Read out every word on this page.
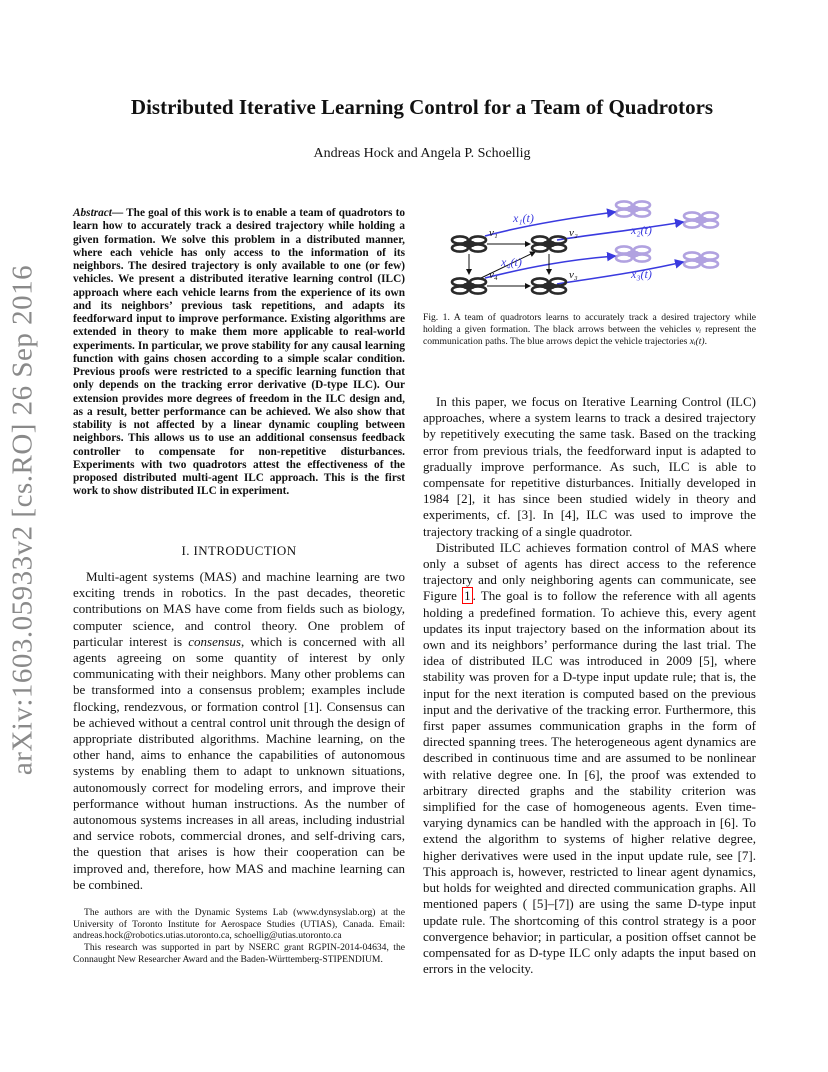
arXiv:1603.05933v2 [cs.RO] 26 Sep 2016
Distributed Iterative Learning Control for a Team of Quadrotors
Andreas Hock and Angela P. Schoellig
Abstract— The goal of this work is to enable a team of quadrotors to learn how to accurately track a desired trajectory while holding a given formation. We solve this problem in a distributed manner, where each vehicle has only access to the information of its neighbors. The desired trajectory is only available to one (or few) vehicles. We present a distributed iterative learning control (ILC) approach where each vehicle learns from the experience of its own and its neighbors’ previous task repetitions, and adapts its feedforward input to improve performance. Existing algorithms are extended in theory to make them more applicable to real-world experiments. In particular, we prove stability for any causal learning function with gains chosen according to a simple scalar condition. Previous proofs were restricted to a specific learning function that only depends on the tracking error derivative (D-type ILC). Our extension provides more degrees of freedom in the ILC design and, as a result, better performance can be achieved. We also show that stability is not affected by a linear dynamic coupling between neighbors. This allows us to use an additional consensus feedback controller to compensate for non-repetitive disturbances. Experiments with two quadrotors attest the effectiveness of the proposed distributed multi-agent ILC approach. This is the first work to show distributed ILC in experiment.
I. INTRODUCTION

Multi-agent systems (MAS) and machine learning are two exciting trends in robotics. In the past decades, theoretic contributions on MAS have come from fields such as biology, computer science, and control theory. One problem of particular interest is consensus, which is concerned with all agents agreeing on some quantity of interest by only communicating with their neighbors. Many other problems can be transformed into a consensus problem; examples include flocking, rendezvous, or formation control [1]. Consensus can be achieved without a central control unit through the design of appropriate distributed algorithms. Machine learning, on the other hand, aims to enhance the capabilities of autonomous systems by enabling them to adapt to unknown situations, autonomously correct for modeling errors, and improve their performance without human instructions. As the number of autonomous systems increases in all areas, including industrial and service robots, commercial drones, and self-driving cars, the question that arises is how their cooperation can be improved and, therefore, how MAS and machine learning can be combined.

The authors are with the Dynamic Systems Lab (www.dynsyslab.org) at the University of Toronto Institute for Aerospace Studies (UTIAS), Canada. Email: andreas.hock@robotics.utias.utoronto.ca, schoellig@utias.utoronto.ca

This research was supported in part by NSERC grant RGPIN-2014-04634, the Connaught New Researcher Award and the Baden-Württemberg-STIPENDIUM.

x₁(t)
x₂(t)
x₄(t)
x₃(t)
v₁	v₂
v₄	v₃
Fig. 1. A team of quadrotors learns to accurately track a desired trajectory while holding a given formation. The black arrows between the vehicles vᵢ represent the communication paths. The blue arrows depict the vehicle trajectories xᵢ(t).

In this paper, we focus on Iterative Learning Control (ILC) approaches, where a system learns to track a desired trajectory by repetitively executing the same task. Based on the tracking error from previous trials, the feedforward input is adapted to gradually improve performance. As such, ILC is able to compensate for repetitive disturbances. Initially developed in 1984 [2], it has since been studied widely in theory and experiments, cf. [3]. In [4], ILC was used to improve the trajectory tracking of a single quadrotor.

Distributed ILC achieves formation control of MAS where only a subset of agents has direct access to the reference trajectory and only neighboring agents can communicate, see Figure 1 . The goal is to follow the reference with all agents holding a predefined formation. To achieve this, every agent updates its input trajectory based on the information about its own and its neighbors’ performance during the last trial. The idea of distributed ILC was introduced in 2009 [5], where stability was proven for a D-type input update rule; that is, the input for the next iteration is computed based on the previous input and the derivative of the tracking error. Furthermore, this first paper assumes communication graphs in the form of directed spanning trees. The heterogeneous agent dynamics are described in continuous time and are assumed to be nonlinear with relative degree one. In [6], the proof was extended to arbitrary directed graphs and the stability criterion was simplified for the case of homogeneous agents. Even time-varying dynamics can be handled with the approach in [6]. To extend the algorithm to systems of higher relative degree, higher derivatives were used in the input update rule, see [7]. This approach is, however, restricted to linear agent dynamics, but holds for weighted and directed communication graphs. All mentioned papers ( [5]–[7]) are using the same D-type input update rule. The shortcoming of this control strategy is a poor convergence behavior; in particular, a position offset cannot be compensated for as D-type ILC only adapts the input based on errors in the velocity.
